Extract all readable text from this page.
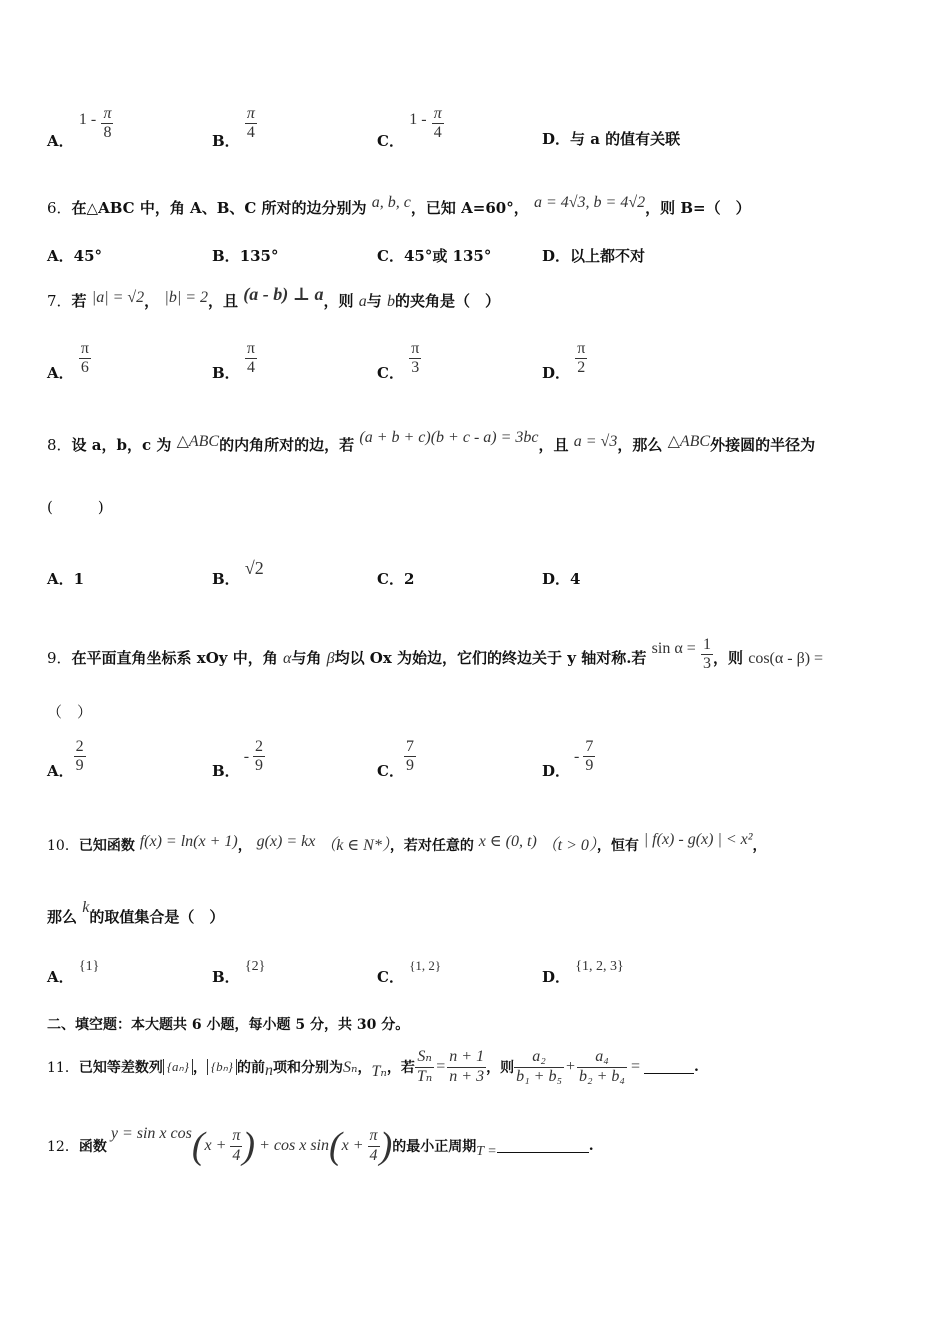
A． $1 - \frac{\pi}{8}$	B． $\frac{\pi}{4}$	C． $1 - \frac{\pi}{4}$	D．与 a 的值有关联
6．在△ABC 中，角 A、B、C 所对的边分别为 a, b, c，已知 A=60°， a = 4√3, b = 4√2，则 B=（　）
A．45°	B．135°	C．45°或 135°	D．以上都不对
7．若 |a| = √2， |b| = 2，且 (a - b) ⊥ a，则 a与 b的夹角是（　）
A． $\frac{\pi}{6}$	B． $\frac{\pi}{4}$	C． $\frac{\pi}{3}$	D． $\frac{\pi}{2}$
8．设 a，b，c 为 △ABC的内角所对的边，若 (a + b + c)(b + c - a) = 3bc，且 a = √3，那么 △ABC外接圆的半径为
(　　　)
A．1	B． √2
C．2	D．4
9．在平面直角坐标系 xOy 中，角 α与角 β均以 Ox 为始边，它们的终边关于 y 轴对称.若 $\sin \alpha = \frac{1}{3}$ ，则 cos(α - β) =
（　）
A． $\frac{2}{9}$	B．- $\frac{2}{9}$	C． $\frac{7}{9}$	D．- $\frac{7}{9}$
10．已知函数 f(x) = ln(x + 1)， g(x) = kx （k ∈ N*），若对任意的 x ∈ (0, t) （t > 0），恒有 | f(x) - g(x) | < x²，
那么 k的取值集合是（　）
A． {1}
B． {2}
C． {1, 2}
D． {1, 2, 3}
二、填空题：本大题共 6 小题，每小题 5 分，共 30 分。
11． 已知等差数列 {aₙ} ， {bₙ} 的前 n 项和分别为 Sₙ ， Tₙ ，若 $\frac{\text{Sₙ}}{\text{Tₙ}} = \frac{n + 1}{n + 3}$ ，则 $\frac{\text{a₂}}{\text{b₁ + b₅}} + \frac{\text{a₄}}{\text{b₂ + b₄}}$ =	.
12． 函数
y = sin x cos ( $x + \frac{\pi}{4}$ ) + cos x sin ( $x + \frac{\pi}{4}$ ) 的最小正周期 T =	.
